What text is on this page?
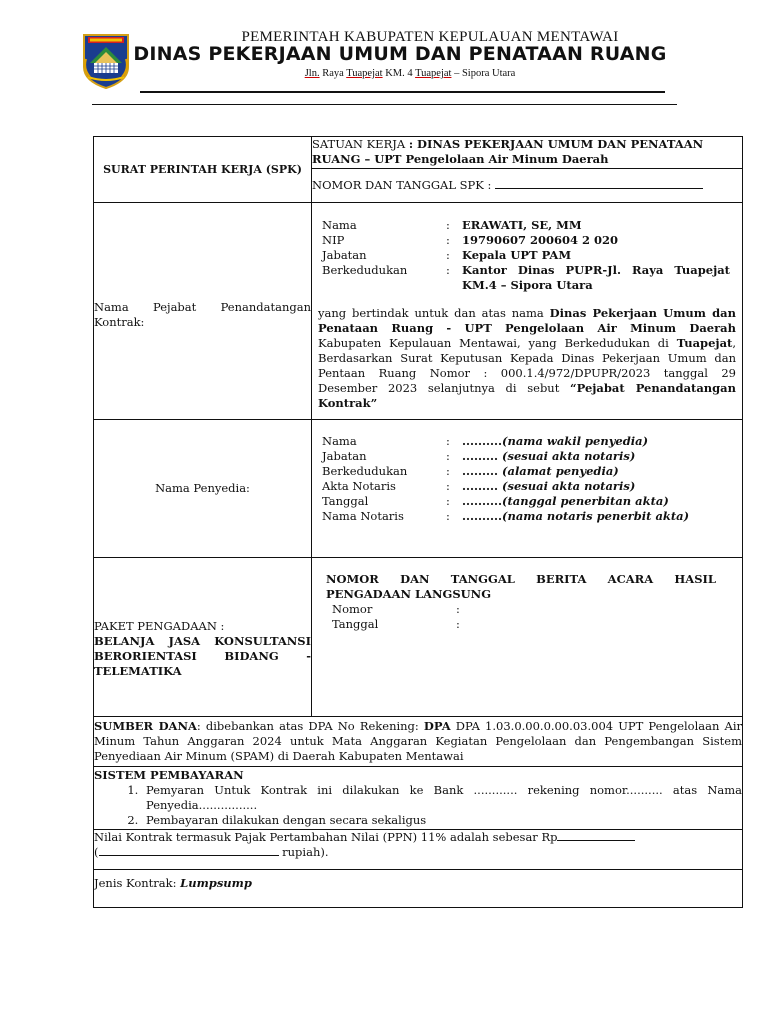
PEMERINTAH KABUPATEN KEPULAUAN MENTAWAI
DINAS PEKERJAAN UMUM DAN PENATAAN RUANG
Jln. Raya Tuapejat KM. 4 Tuapejat – Sipora Utara
SURAT PERINTAH KERJA (SPK)
	SATUAN KERJA : DINAS PEKERJAAN UMUM DAN PENATAAN RUANG – UPT Pengelolaan Air Minum Daerah
NOMOR DAN TANGGAL SPK :

Nama Pejabat Penandatangan Kontrak:

Nama	:	ERAWATI, SE, MM
NIP	:	19790607 200604 2 020
Jabatan	:	Kepala UPT PAM
Berkedudukan	:	Kantor Dinas PUPR-Jl. Raya Tuapejat KM.4 – Sipora Utara
yang bertindak untuk dan atas nama Dinas Pekerjaan Umum dan Penataan Ruang - UPT Pengelolaan Air Minum Daerah Kabupaten Kepulauan Mentawai, yang Berkedudukan di Tuapejat, Berdasarkan Surat Keputusan Kepada Dinas Pekerjaan Umum dan Pentaan Ruang Nomor : 000.1.4/972/DPUPR/2023 tanggal 29 Desember 2023 selanjutnya di sebut “Pejabat Penandatangan Kontrak”

Nama Penyedia:

Nama	:	..........(nama wakil penyedia)
Jabatan	:	......... (sesuai akta notaris)
Berkedudukan	:	......... (alamat penyedia)
Akta Notaris	:	......... (sesuai akta notaris)
Tanggal	:	..........(tanggal penerbitan akta)
Nama Notaris	:	..........(nama notaris penerbit akta)

PAKET PENGADAAN :
BELANJA JASA KONSULTANSI BERORIENTASI BIDANG - TELEMATIKA

NOMOR DAN TANGGAL BERITA ACARA HASIL PENGADAAN LANGSUNG
Nomor	:	
Tanggal	:	

SUMBER DANA: dibebankan atas DPA No Rekening: DPA DPA 1.03.0.00.0.00.03.004 UPT Pengelolaan Air Minum Tahun Anggaran 2024 untuk Mata Anggaran Kegiatan Pengelolaan dan Pengembangan Sistem Penyediaan Air Minum (SPAM) di Daerah Kabupaten Mentawai

SISTEM PEMBAYARAN
1. Pemyaran Untuk Kontrak ini dilakukan ke Bank ............ rekening nomor.......... atas Nama Penyedia................
2. Pembayaran dilakukan dengan secara sekaligus

Nilai Kontrak termasuk Pajak Pertambahan Nilai (PPN) 11% adalah sebesar Rp
(	rupiah).
Jenis Kontrak: Lumpsump
